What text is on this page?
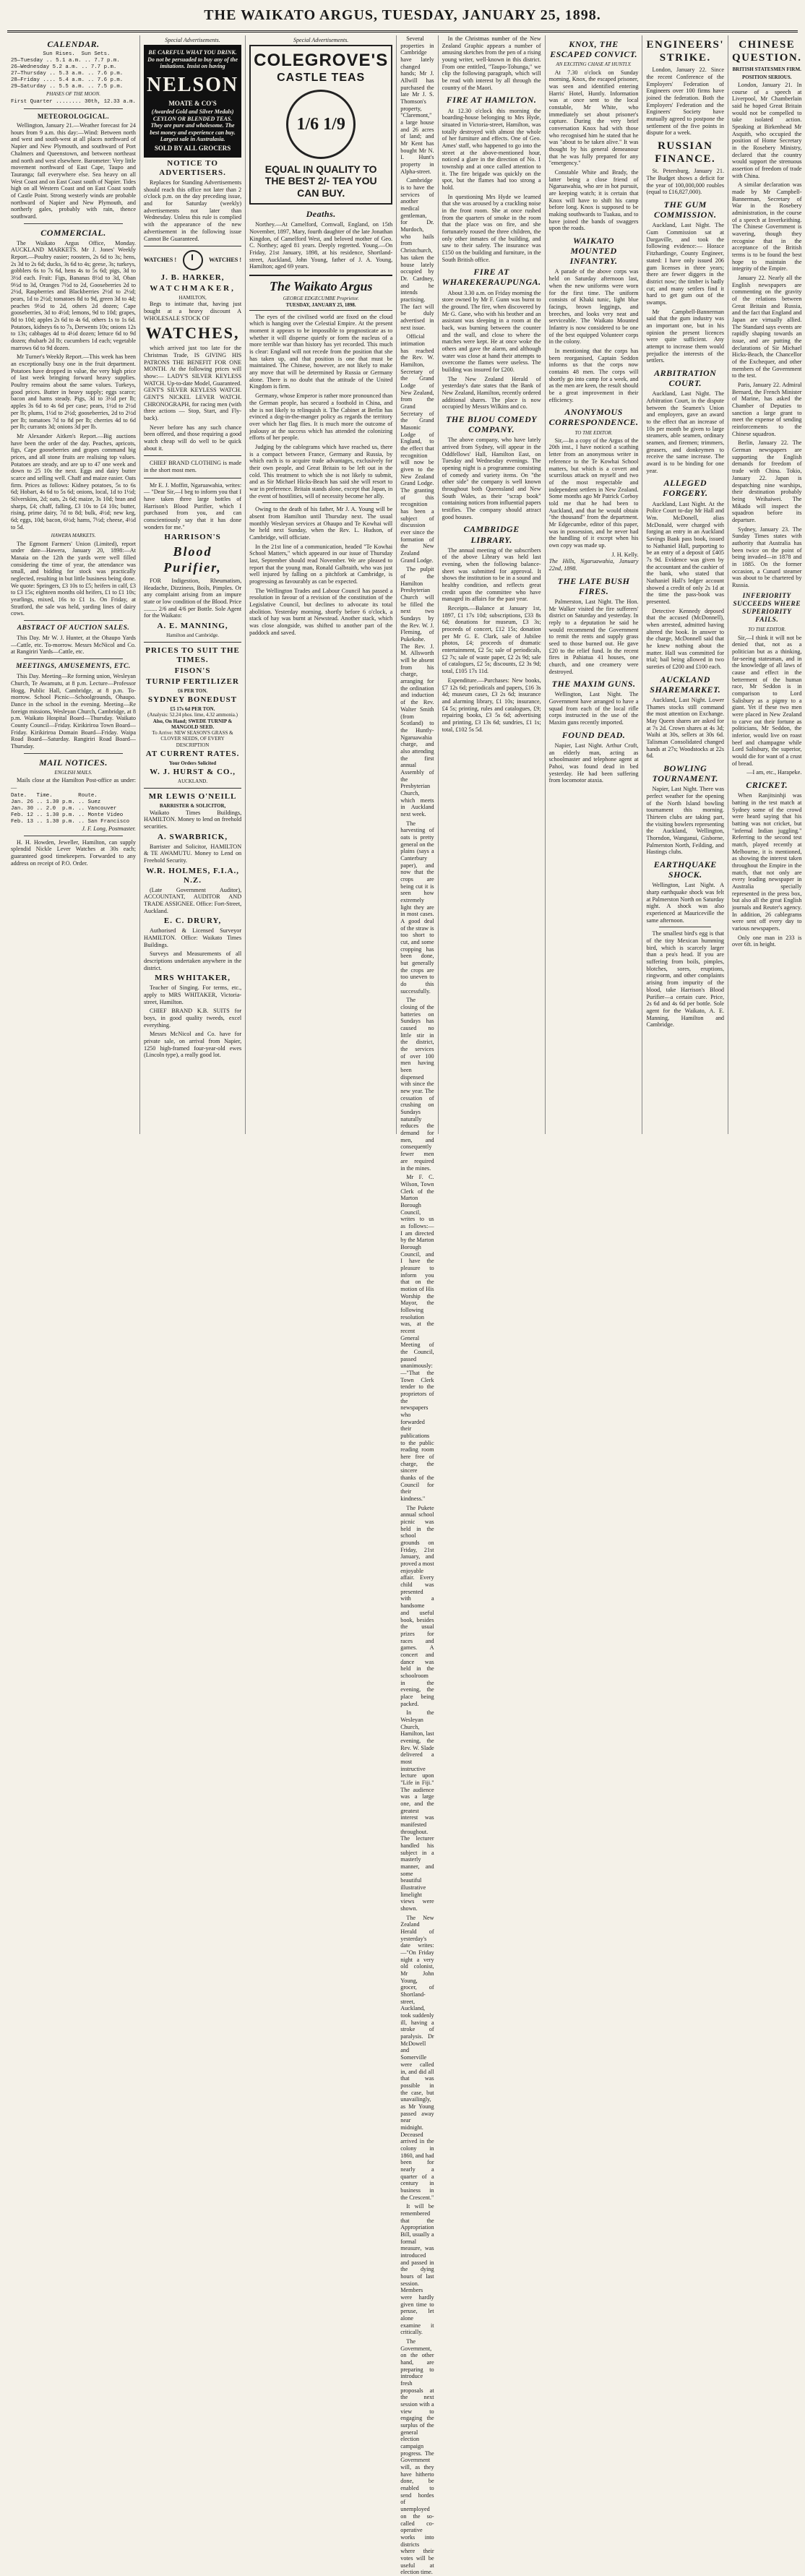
THE WAIKATO ARGUS, TUESDAY, JANUARY 25, 1898.
CALENDAR.
Sun Rises.  Sun Sets.
25—Tuesday .. 5.1 a.m. .. 7.7 p.m.
26—Wednesday 5.2 a.m. .. 7.7 p.m.
27—Thursday .. 5.3 a.m. .. 7.6 p.m.
28—Friday .... 5.4 a.m. .. 7.6 p.m.
29—Saturday .. 5.5 a.m. .. 7.5 p.m.
PHASES OF THE MOON.
First Quarter ........ 30th, 12.33 a.m.
METEOROLOGICAL.

Wellington, January 21.—Weather forecast for 24 hours from 9 a.m. this day:—Wind: Between north and west and south-west at all places northward of Napier and New Plymouth, and southward of Port Chalmers and Queenstown, and between northeast and north and west elsewhere. Barometer: Very little movement northward of East Cape, Taupo and Tauranga; fall everywhere else. Sea heavy on all West Coast and on East Coast south of Napier. Tides high on all Western Coast and on East Coast south of Castle Point. Strong westerly winds are probable northward of Napier and New Plymouth, and northerly gales, probably with rain, thence southward.

COMMERCIAL.

The Waikato Argus Office, Monday. AUCKLAND MARKETS. Mr J. Jones' Weekly Report.—Poultry easier; roosters, 2s 6d to 3s; hens, 2s 3d to 2s 6d; ducks, 3s 6d to 4s; geese, 3s; turkeys, gobblers 6s to 7s 6d, hens 4s to 5s 6d; pigs, 3d to 3½d each. Fruit: Figs, Bananas 8½d to 3d, Oban 9½d to 3d, Oranges 7½d to 2d, Gooseberries 2d to 2½d, Raspberries and Blackberries 2½d to 2½d; pears, 1d to 2½d; tomatoes 8d to 9d, green 3d to 4d; peaches 9½d to 2d, others 2d dozen; Cape gooseberries, 3d to 4½d; lemons, 9d to 10d; grapes, 8d to 10d; apples 2s 6d to 4s 6d, others 1s to 1s 6d. Potatoes, kidneys 6s to 7s, Derwents 10s; onions 12s to 13s; cabbages 4d to 4½d dozen; lettuce 6d to 9d dozen; rhubarb 2d lb; cucumbers 1d each; vegetable marrows 6d to 9d dozen.

Mr Turner's Weekly Report.—This week has been an exceptionally busy one in the fruit department. Potatoes have dropped in value, the very high price of last week bringing forward heavy supplies. Poultry remains about the same values. Turkeys, good prices. Butter in heavy supply; eggs scarce; bacon and hams steady. Pigs, 3d to 3½d per lb; apples 3s 6d to 4s 6d per case; pears, 1½d to 2½d per lb; plums, 1½d to 2½d; gooseberries, 2d to 2½d per lb; tomatoes 7d to 8d per lb; cherries 4d to 6d per lb; currants 3d; onions 3d per lb.

Mr Alexander Aitken's Report.—Big auctions have been the order of the day. Peaches, apricots, figs, Cape gooseberries and grapes command big prices, and all stone fruits are realising top values. Potatoes are steady, and are up to 47 one week and down to 25 10s the next. Eggs and dairy butter scarce and selling well. Chaff and maize easier. Oats firm. Prices as follows: Kidney potatoes, 5s to 6s 6d; Hobart, 4s 6d to 5s 6d; onions, local, 1d to 1½d; Silverskins, 2d; oats, 2s 6d; maize, 3s 10d; bran and sharps, £4; chaff, falling, £3 10s to £4 10s; butter, rising, prime dairy, 7d to 8d; bulk, 4½d; new keg, 6d; eggs, 10d; bacon, 6½d; hams, 7½d; cheese, 4½d to 5d.

HAWERA MARKETS.

The Egmont Farmers' Union (Limited), report under date—Hawera, January 20, 1898:—At Manaia on the 12th the yards were well filled considering the time of year, the attendance was small, and bidding for stock was practically neglected, resulting in but little business being done. We quote: Springers, £3 10s to £5; heifers in calf, £3 to £3 15s; eighteen months old heifers, £1 to £1 10s; yearlings, mixed, 16s to £1 1s. On Friday, at Stratford, the sale was held, yarding lines of dairy cows.

ABSTRACT OF AUCTION SALES.

This Day. Mr W. J. Hunter, at the Ohaupo Yards—Cattle, etc. To-morrow. Messrs McNicol and Co. at Rangiriri Yards—Cattle, etc.

MEETINGS, AMUSEMENTS, ETC.

This Day. Meeting—Re forming union, Wesleyan Church, Te Awamutu, at 8 p.m. Lecture—Professor Hogg, Public Hall, Cambridge, at 8 p.m. To-morrow. School Picnic—Schoolgrounds, Ohaupo. Dance in the school in the evening. Meeting—Re foreign missions, Wesleyan Church, Cambridge, at 8 p.m. Waikato Hospital Board—Thursday. Waikato County Council—Friday. Kirikiriroa Town Board—Friday. Kirikiriroa Domain Board—Friday. Waipa Road Board—Saturday. Rangiriri Road Board—Thursday.

MAIL NOTICES.
ENGLISH MAILS.

Mails close at the Hamilton Post-office as under:—

Date.   Time.        Route.
Jan. 26 .. 1.30 p.m. .. Suez
Jan. 30 .. 2.0  p.m. .. Vancouver
Feb. 12 .. 1.30 p.m. .. Monte Video
Feb. 13 .. 1.30 p.m. .. San Francisco
J. F. Long, Postmaster.

H. H. Howden, Jeweller, Hamilton, can supply splendid Nickle Lever Watches at 30s each; guaranteed good timekeepers. Forwarded to any address on receipt of P.O. Order.

Special Advertisements.
BE CAREFUL WHAT YOU DRINK. Do not be persuaded to buy any of the imitations. Insist on having
NELSON
MOATE & CO'S
(Awarded Gold and Silver Medals) CEYLON OR BLENDED TEAS. They are pure and wholesome. The best money and experience can buy. Largest sale in Australasia.
SOLD BY ALL GROCERS
NOTICE TO ADVERTISERS.

Replaces for Standing Advertisements should reach this office not later than 2 o'clock p.m. on the day preceding issue, and for Saturday (weekly) advertisements not later than Wednesday. Unless this rule is complied with the appearance of the new advertisement in the following issue Cannot Be Guaranteed.

WATCHES !	WATCHES !
J. B. HARKER,
WATCHMAKER,
HAMILTON,

Begs to intimate that, having just bought at a heavy discount A WHOLESALE STOCK OF

WATCHES,

which arrived just too late for the Christmas Trade, IS GIVING HIS PATRONS THE BENEFIT FOR ONE MONTH. At the following prices will show:— LADY'S SILVER KEYLESS WATCH. Up-to-date Model, Guaranteed. GENT'S SILVER KEYLESS WATCH. GENT'S NICKEL LEVER WATCH. CHRONOGRAPH, for racing men (with three actions — Stop, Start, and Fly-back).

Never before has any such chance been offered, and those requiring a good watch cheap will do well to be quick about it.

CHIEF BRAND CLOTHING is made in the short most men.

Mr E. J. Moffitt, Ngaruawahia, writes:— "Dear Sir,—I beg to inform you that I have taken three large bottles of Harrison's Blood Purifier, which I purchased from you, and can conscientiously say that it has done wonders for me."

HARRISON'S
Blood Purifier,

FOR Indigestion, Rheumatism, Headache, Dizziness, Boils, Pimples. Or any complaint arising from an impure state or low condition of the Blood. Price ......... 2/6 and 4/6 per Bottle. Sole Agent for the Waikato:

A. E. MANNING,
Hamilton and Cambridge.
PRICES TO SUIT THE TIMES.
FISON'S
TURNIP FERTILIZER
£6 PER TON.
SYDNEY BONEDUST
£5 17s 6d PER TON.
(Analysis: 52.24 phos. lime, 4.32 ammonia.)
Also, On Hand; SWEDE TURNIP & MANGOLD SEED.
To Arrive: NEW SEASON'S GRASS & CLOVER SEEDS, OF EVERY DESCRIPTION
AT CURRENT RATES.
Your Orders Solicited
W. J. HURST & CO.,
AUCKLAND.
MR LEWIS O'NEILL
BARRISTER & SOLICITOR,

Waikato Times Buildings, HAMILTON. Money to lend on freehold securities.

A. SWARBRICK,

Barrister and Solicitor, HAMILTON & TE AWAMUTU. Money to Lend on Freehold Security.

W.R. HOLMES, F.I.A., N.Z.

(Late Government Auditor), ACCOUNTANT, AUDITOR AND TRADE ASSIGNEE. Office: Fort-Street, Auckland.

E. C. DRURY,

Authorised & Licensed Surveyor HAMILTON. Office: Waikato Times Buildings.

Surveys and Measurements of all descriptions undertaken anywhere in the district.

MRS WHITAKER,

Teacher of Singing. For terms, etc., apply to MRS WHITAKER, Victoria-street, Hamilton.

CHIEF BRAND K.B. SUITS for boys, in good quality tweeds, excel everything.

Messrs McNicol and Co. have for private sale, on arrival from Napier, 1250 high-framed four-year-old ewes (Lincoln type), a really good lot.

Special Advertisements.
COLEGROVE'S
CASTLE TEAS
1/6 1/9
EQUAL IN QUALITY TO THE BEST 2/- TEA YOU CAN BUY.
Deaths.

Northey.—At Camelford, Cornwall, England, on 15th November, 1897, Mary, fourth daughter of the late Jonathan Kingdon, of Camelford West, and beloved mother of Geo. C. Northey; aged 81 years. Deeply regretted. Young.—On Friday, 21st January, 1898, at his residence, Shortland-street, Auckland, John Young, father of J. A. Young, Hamilton; aged 69 years.

The Waikato Argus
GEORGE EDGECUMBE Proprietor.
TUESDAY, JANUARY 25, 1898.

The eyes of the civilised world are fixed on the cloud which is hanging over the Celestial Empire. At the present moment it appears to be impossible to prognosticate as to whether it will disperse quietly or form the nucleus of a more terrible war than history has yet recorded. This much is clear: England will not recede from the position that she has taken up, and that position is one that must be maintained. The Chinese, however, are not likely to make any move that will be determined by Russia or Germany alone. There is no doubt that the attitude of the United Kingdom is firm.

Germany, whose Emperor is rather more pronounced than the German people, has secured a foothold in China, and she is not likely to relinquish it. The Cabinet at Berlin has evinced a dog-in-the-manger policy as regards the territory over which her flag flies. It is much more the outcome of jealousy at the success which has attended the colonizing efforts of her people.

Judging by the cablegrams which have reached us, there is a compact between France, Germany and Russia, by which each is to acquire trade advantages, exclusively for their own people, and Great Britain to be left out in the cold. This treatment to which she is not likely to submit, and as Sir Michael Hicks-Beach has said she will resort to war in preference. Britain stands alone, except that Japan, in the event of hostilities, will of necessity become her ally.

Owing to the death of his father, Mr J. A. Young will be absent from Hamilton until Thursday next. The usual monthly Wesleyan services at Ohaupo and Te Kowhai will be held next Sunday, when the Rev. L. Hudson, of Cambridge, will officiate.

In the 21st line of a communication, headed "Te Kowhai School Matters," which appeared in our issue of Thursday last, September should read November. We are pleased to report that the young man, Ronald Galbraith, who was just well injured by falling on a pitchfork at Cambridge, is progressing as favourably as can be expected.

The Wellington Trades and Labour Council has passed a resolution in favour of a revision of the constitution of the Legislative Council, but declines to advocate its total abolition. Yesterday morning, shortly before 6 o'clock, a stack of hay was burnt at Newstead. Another stack, which was close alongside, was shifted to another part of the paddock and saved.

Several properties in Cambridge have lately changed hands; Mr J. Allwill has purchased the late Mr J. S. Thomson's property, "Claremont," a large house and 26 acres of land; and Mr Kent has bought Mr N. I. Hunt's property in Alpha-street.

Cambridge is to have the services of another medical gentleman, for Dr. Murdoch, who hails from Christchurch, has taken the house lately occupied by Dr. Cardney, and he intends practising. The fact will be duly advertised in next issue.

Official intimation has reached the Rev. W. Hamilton, Secretary of the Grand Lodge of New Zealand, from the Grand Secretary of the Grand Masonic Lodge of England, to the effect that recognition will now be given to the New Zealand Grand Lodge. The granting of this recognition has been a subject of discussion ever since the formation of the New Zealand Grand Lodge.

The pulpit of the Hamilton Presbyterian Church will be filled the next two Sundays by the Rev. W. J. Fleming, of Pukekohe. The Rev. J. M. Allsworth will be absent from his charge, arranging for the ordination and induction of the Rev. Walter Smith (from Scotland) to the Huntly-Ngaruawahia charge, and also attending the first annual Assembly of the Presbyterian Church, which meets in Auckland next week.

The harvesting of oats is pretty general on the plains (says a Canterbury paper), and now that the crops are being cut it is seen how extremely light they are in most cases. A good deal of the straw is too short to cut, and some cropping has been done, but generally the crops are too uneven to do this successfully.

The closing of the batteries on Sundays has caused no little stir in the district, the services of over 100 men having been dispensed with since the new year. The cessation of crushing on Sundays naturally reduces the demand for men, and consequently fewer men are required in the mines.

Mr F. C. Wilson, Town Clerk of the Marton Borough Council, writes to us as follows:—I am directed by the Marton Borough Council, and I have the pleasure to inform you that on the motion of His Worship the Mayor, the following resolution was, at the recent General Meeting of the Council, passed unanimously:—"That the Town Clerk tender to the proprietors of the newspapers who forwarded their publications to the public reading room here free of charge, the sincere thanks of the Council for their kindness."

The Pukete annual school picnic was held in the school grounds on Friday, 21st January, and proved a most enjoyable affair. Every child was presented with a handsome and useful book, besides the usual prizes for races and games. A concert and dance was held in the schoolroom in the evening, the place being packed.

In the Wesleyan Church, Hamilton, last evening, the Rev. W. Slade delivered a most instructive lecture upon "Life in Fiji." The audience was a large one, and the greatest interest was manifested throughout. The lecturer handled his subject in a masterly manner, and some beautiful illustrative limelight views were shown.

The New Zealand Herald of yesterday's date writes:—"On Friday night a very old colonist, Mr John Young, grocer, of Shortland-street, Auckland, took suddenly ill, having a stroke of paralysis. Dr McDowell and Somerville were called in, and did all that was possible in the case, but unavailingly, as Mr Young passed away near midnight. Deceased arrived in the colony in 1860, and had been for nearly a quarter of a century in business in the Crescent."

It will be remembered that the Appropriation Bill, usually a formal measure, was introduced and passed in the dying hours of last session. Members were hardly given time to peruse, let alone examine it critically.

The Government, on the other hand, are preparing to introduce fresh proposals at the next session with a view to engaging the surplus of the general election campaign progress. The Government will, as they have hitherto done, be enabled to send hordes of unemployed on the so-called co-operative works into districts where their votes will be useful at election time.

In the Christmas number of the New Zealand Graphic appears a number of amusing sketches from the pen of a rising young writer, well-known in this district. From one entitled, "Taupo-Tohunga," we clip the following paragraph, which will be read with interest by all through the country of the Maori.

FIRE AT HAMILTON.

At 12.30 o'clock this morning the boarding-house belonging to Mrs Hyde, situated in Victoria-street, Hamilton, was totally destroyed with almost the whole of her furniture and effects. One of Geo. Ames' staff, who happened to go into the street at the above-mentioned hour, noticed a glare in the direction of No. 1 township and at once called attention to it. The fire brigade was quickly on the spot, but the flames had too strong a hold.

In questioning Mrs Hyde we learned that she was aroused by a crackling noise in the front room. She at once rushed from the quarters of smoke in the room that the place was on fire, and she fortunately roused the three children, the only other inmates of the building, and saw to their safety. The insurance was £150 on the building and furniture, in the South British office.

FIRE AT WHAREKERAUPUNGA.

About 3.30 a.m. on Friday morning the store owned by Mr F. Gunn was burnt to the ground. The fire, when discovered by Mr G. Gane, who with his brother and an assistant was sleeping in a room at the back, was burning between the counter and the wall, and close to where the matches were kept. He at once woke the others and gave the alarm, and although water was close at hand their attempts to overcome the flames were useless. The building was insured for £200.

The New Zealand Herald of yesterday's date states that the Bank of New Zealand, Hamilton, recently ordered additional shares. The place is now occupied by Messrs Wilkins and co.

THE BIJOU COMEDY COMPANY.

The above company, who have lately arrived from Sydney, will appear in the Oddfellows' Hall, Hamilton East, on Tuesday and Wednesday evenings. The opening night is a programme consisting of comedy and variety items. On "the other side" the company is well known throughout both Queensland and New South Wales, as their "scrap book" containing notices from influential papers testifies. The company should attract good houses.

CAMBRIDGE LIBRARY.

The annual meeting of the subscribers of the above Library was held last evening, when the following balance-sheet was submitted for approval. It shows the institution to be in a sound and healthy condition, and reflects great credit upon the committee who have managed its affairs for the past year.

Receipts.—Balance at January 1st, 1897, £1 17s 10d; subscriptions, £33 8s 6d; donations for museum, £3 3s; proceeds of concert, £12 15s; donation per Mr G. E. Clark, sale of Jubilee photos, £4; proceeds of dramatic entertainment, £2 5s; sale of periodicals, £2 7s; sale of waste paper, £2 2s 9d; sale of catalogues, £2 5s; discounts, £2 3s 9d; total, £105 17s 11d.

Expenditure.—Purchases: New books, £7 12s 6d; periodicals and papers, £16 3s 4d; museum cases, £3 2s 6d; insurance and alarming library, £1 10s; insurance, £4 5s; printing, rules and catalogues, £9; repairing books, £3 5s 6d; advertising and printing, £3 13s 6d; sundries, £1 1s; total, £102 5s 5d.

KNOX, THE ESCAPED CONVICT.
AN EXCITING CHASE AT HUNTLY.

At 7.30 o'clock on Sunday morning, Knox, the escaped prisoner, was seen and identified entering Harris' Hotel, Huntly. Information was at once sent to the local constable, Mr White, who immediately set about prisoner's capture. During the very brief conversation Knox had with those who recognised him he stated that he was "about to be taken alive." It was thought by his general demeanour that he was fully prepared for any "emergency."

Constable White and Brady, the latter being a close friend of Ngaruawahia, who are in hot pursuit, are keeping watch; it is certain that Knox will have to shift his camp before long. Knox is supposed to be making southwards to Tuakau, and to have joined the bands of swaggers upon the roads.

WAIKATO MOUNTED INFANTRY.

A parade of the above corps was held on Saturday afternoon last, when the new uniforms were worn for the first time. The uniform consists of Khaki tunic, light blue facings, brown leggings, and breeches, and looks very neat and serviceable. The Waikato Mounted Infantry is now considered to be one of the best equipped Volunteer corps in the colony.

In mentioning that the corps has been reorganised, Captain Seddon informs us that the corps now contains 48 men. The corps will shortly go into camp for a week, and as the men are keen, the result should be a great improvement in their efficiency.

ANONYMOUS CORRESPONDENCE.
TO THE EDITOR.

Sir,—In a copy of the Argus of the 20th inst., I have noticed a scathing letter from an anonymous writer in reference to the Te Kowhai School matters, but which is a covert and scurrilous attack on myself and two of the most respectable and independent settlers in New Zealand. Some months ago Mr Patrick Corboy told me that he had been to Auckland, and that he would obtain "the thousand" from the department. Mr Edgecumbe, editor of this paper, was in possession, and he never had the handling of it except when his own copy was made up.

J. H. Kelly.
The Hills, Ngaruawahia, January 22nd, 1898.
THE LATE BUSH FIRES.

Palmerston, Last Night. The Hon. Mr Walker visited the fire sufferers' district on Saturday and yesterday. In reply to a deputation he said he would recommend the Government to remit the rents and supply grass seed to those burned out. He gave £20 to the relief fund. In the recent fires in Pahiatua 41 houses, one church, and one creamery were destroyed.

THE MAXIM GUNS.

Wellington, Last Night. The Government have arranged to have a squad from each of the local rifle corps instructed in the use of the Maxim guns recently imported.

FOUND DEAD.

Napier, Last Night. Arthur Croft, an elderly man, acting as schoolmaster and telephone agent at Pahoi, was found dead in bed yesterday. He had been suffering from locomotor ataxia.

ENGINEERS' STRIKE.

London, January 22. Since the recent Conference of the Employers' Federation of Engineers over 100 firms have joined the federation. Both the Employers' Federation and the Engineers' Society have mutually agreed to postpone the settlement of the five points in dispute for a week.

RUSSIAN FINANCE.

St. Petersburg, January 21. The Budget shows a deficit for the year of 100,000,000 roubles (equal to £16,827,000).

THE GUM COMMISSION.

Auckland, Last Night. The Gum Commission sat at Dargaville, and took the following evidence:— Horace Fitzhardinge, County Engineer, stated: I have only issued 206 gum licenses in three years; there are fewer diggers in the district now; the timber is badly cut; and many settlers find it hard to get gum out of the swamps.

Mr Campbell-Bannerman said that the gum industry was an important one, but in his opinion the present licences were quite sufficient. Any attempt to increase them would prejudice the interests of the settlers.

ARBITRATION COURT.

Auckland, Last Night. The Arbitration Court, in the dispute between the Seamen's Union and employers, gave an award to the effect that an increase of 10s per month be given to large steamers, able seamen, ordinary seamen, and firemen; trimmers, greasers, and donkeymen to receive the same increase. The award is to be binding for one year.

ALLEGED FORGERY.

Auckland, Last Night. At the Police Court to-day Mr Hall and Wm. McDonell, alias McDonald, were charged with forging an entry in an Auckland Savings Bank pass book, issued to Nathaniel Hall, purporting to be an entry of a deposit of £405 7s 9d. Evidence was given by the accountant and the cashier of the bank, who stated that Nathaniel Hall's ledger account showed a credit of only 2s 1d at the time the pass-book was presented.

Detective Kennedy deposed that the accused (McDonnell), when arrested, admitted having altered the book. In answer to the charge, McDonnell said that he knew nothing about the matter. Hall was committed for trial; bail being allowed in two sureties of £200 and £100 each.

AUCKLAND SHAREMARKET.

Auckland, Last Night. Lower Thames stocks still command the most attention on Exchange. May Queen shares are asked for at 7s 2d. Crown shares at 4s 3d; Waihi at 30s, sellers at 30s 6d. Talisman Consolidated changed hands at 27s; Woodstocks at 22s 6d.

BOWLING TOURNAMENT.

Napier, Last Night. There was perfect weather for the opening of the North Island bowling tournament this morning. Thirteen clubs are taking part, the visiting bowlers representing the Auckland, Wellington, Thorndon, Wanganui, Gisborne, Palmerston North, Feilding, and Hastings clubs.

EARTHQUAKE SHOCK.

Wellington, Last Night. A sharp earthquake shock was felt at Palmerston North on Saturday night. A shock was also experienced at Mauriceville the same afternoon.

The smallest bird's egg is that of the tiny Mexican humming bird, which is scarcely larger than a pea's head. If you are suffering from boils, pimples, blotches, sores, eruptions, ringworm, and other complaints arising from impurity of the blood, take Harrison's Blood Purifier—a certain cure. Price, 2s 6d and 4s 6d per bottle. Sole agent for the Waikato, A. E. Manning, Hamilton and Cambridge.

CHINESE QUESTION.
BRITISH STATESMEN FIRM.
POSITION SERIOUS.

London, January 21. In course of a speech at Liverpool, Mr Chamberlain said he hoped Great Britain would not be compelled to take isolated action. Speaking at Birkenhead Mr Asquith, who occupied the position of Home Secretary in the Rosebery Ministry, declared that the country would support the strenuous assertion of freedom of trade with China.

A similar declaration was made by Mr Campbell-Bannerman, Secretary of War in the Rosebery administration, in the course of a speech at Inverkeithing. The Chinese Government is wavering, though they recognise that in the acceptance of the British terms is to be found the best hope to maintain the integrity of the Empire.

January 22. Nearly all the English newspapers are commenting on the gravity of the relations between Great Britain and Russia, and the fact that England and Japan are virtually allied. The Standard says events are rapidly shaping towards an issue, and are putting the declarations of Sir Michael Hicks-Beach, the Chancellor of the Exchequer, and other members of the Government to the test.

Paris, January 22. Admiral Bernard, the French Minister of Marine, has asked the Chamber of Deputies to sanction a large grant to meet the expense of sending reinforcements to the Chinese squadron.

Berlin, January 22. The German newspapers are supporting the English demands for freedom of trade with China. Tokio, January 22. Japan is despatching nine warships, their destination probably being Weihaiwei. The Mikado will inspect the squadron before its departure.

Sydney, January 23. The Sunday Times states with authority that Australia has been twice on the point of being invaded—in 1878 and in 1885. On the former occasion, a Cunard steamer was about to be chartered by Russia.

INFERIORITY SUCCEEDS WHERE SUPERIORITY FAILS.
TO THE EDITOR.

Sir,—I think it will not be denied that, not as a politician but as a thinking, far-seeing statesman, and in the knowledge of all laws of cause and effect in the betterment of the human race, Mr Seddon is in comparison to Lord Salisbury as a pigmy to a giant. Yet if these two men were placed in New Zealand to carve out their fortune as politicians, Mr Seddon, the inferior, would live on roast beef and champagne while Lord Salisbury, the superior, would die for want of a crust of bread.

—I am, etc., Harapeke.
CRICKET.

When Ranjitsinhji was batting in the test match at Sydney some of the crowd were heard saying that his batting was not cricket, but "infernal Indian juggling." Referring to the second test match, played recently at Melbourne, it is mentioned, as showing the interest taken throughout the Empire in the match, that not only are every leading newspaper in Australia specially represented in the press box, but also all the great English journals and Reuter's agency. In addition, 26 cablegrams were sent off every day to various newspapers.

Only one man in 233 is over 6ft. in height.
